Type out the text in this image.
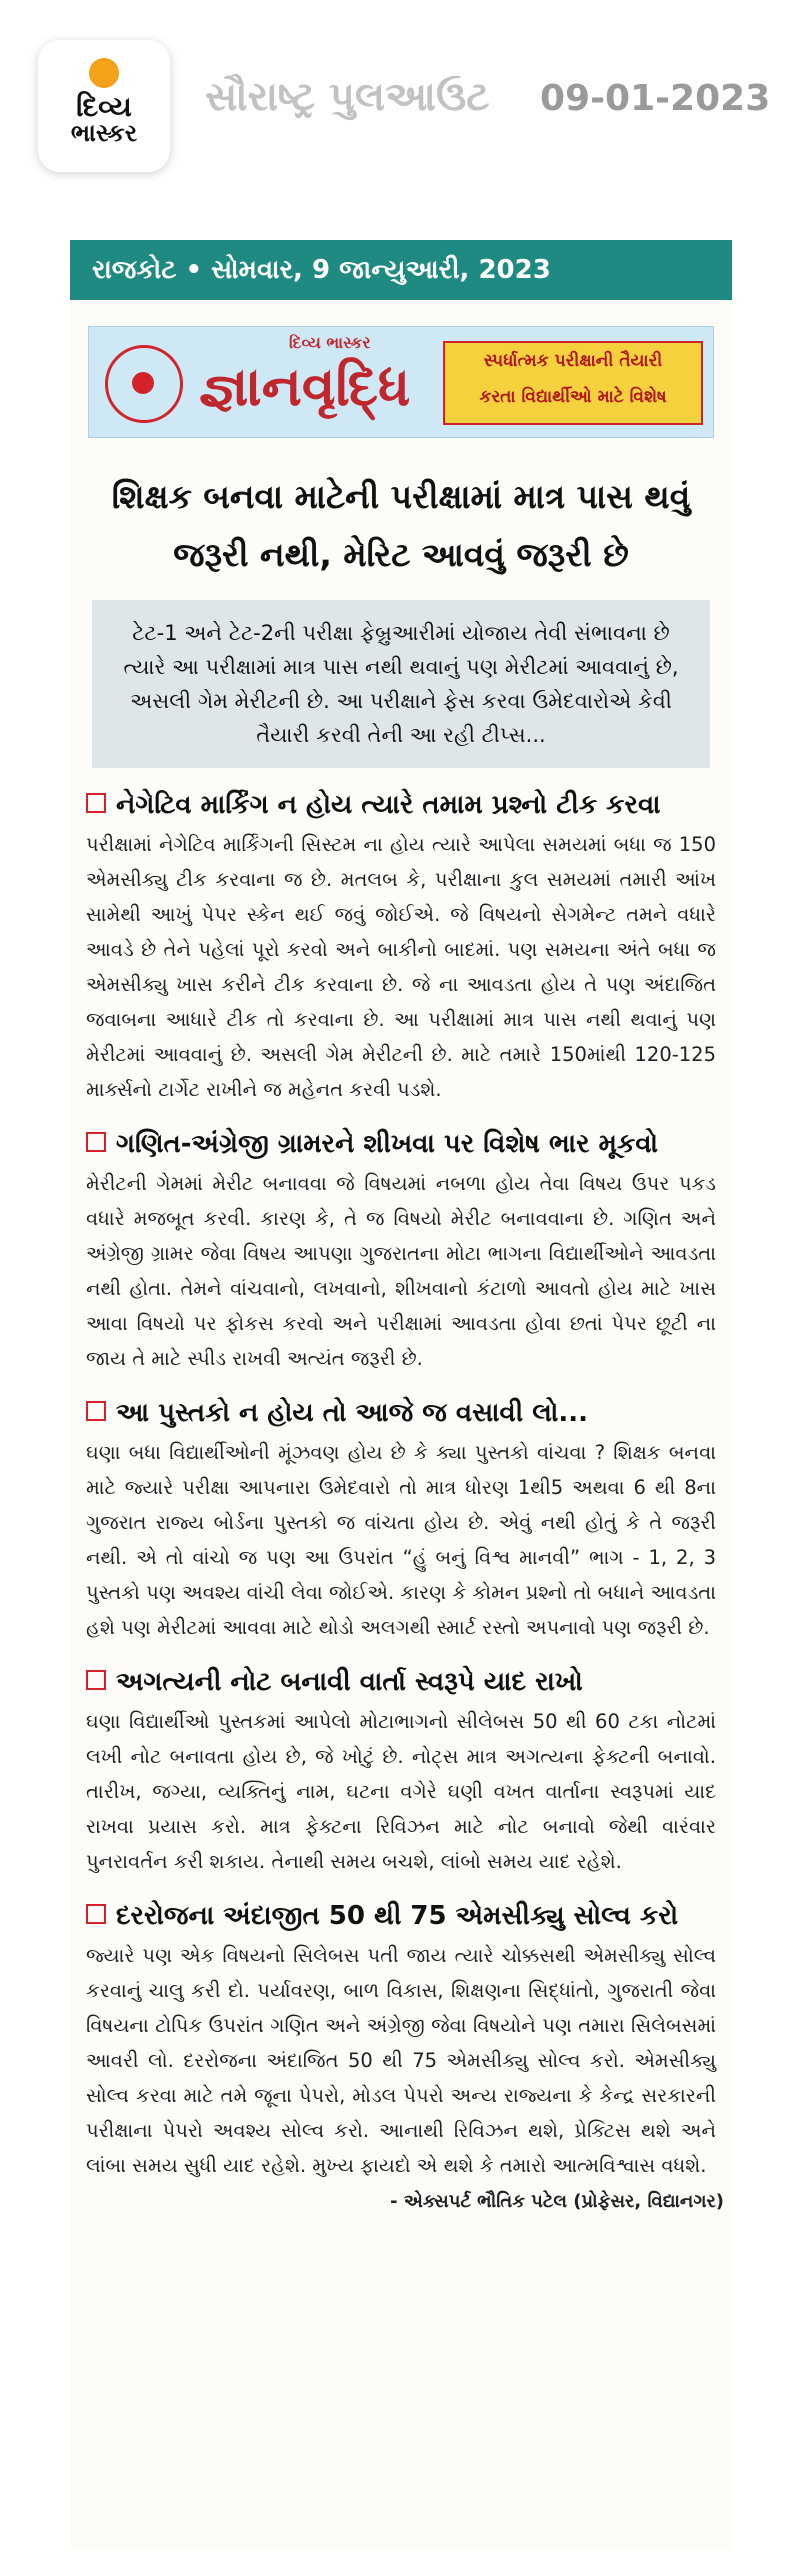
દિવ્ય
ભાસ્કર
સૌરાષ્ટ્ર પુલઆઉટ 09-01-2023
રાજકોટ • સોમવાર, 9 જાન્યુઆરી, 2023
દિવ્ય ભાસ્કર
જ્ઞાનવૃદ્ધિ	સ્પર્ધાત્મક પરીક્ષાની તૈયારી
કરતા વિદ્યાર્થીઓ માટે વિશેષ
શિક્ષક બનવા માટેની પરીક્ષામાં માત્ર પાસ થવું જરૂરી નથી, મેરિટ આવવું જરૂરી છે
ટેટ-1 અને ટેટ-2ની પરીક્ષા ફેબ્રુઆરીમાં યોજાય તેવી સંભાવના છે ત્યારે આ પરીક્ષામાં માત્ર પાસ નથી થવાનું પણ મેરીટમાં આવવાનું છે, અસલી ગેમ મેરીટની છે. આ પરીક્ષાને ફેસ કરવા ઉમેદવારોએ કેવી તૈયારી કરવી તેની આ રહી ટીપ્સ...
નેગેટિવ માર્કિંગ ન હોય ત્યારે તમામ પ્રશ્નો ટીક કરવા

પરીક્ષામાં નેગેટિવ માર્કિંગની સિસ્ટમ ના હોય ત્યારે આપેલા સમયમાં બધા જ 150 એમસીક્યુ ટીક કરવાના જ છે. મતલબ કે, પરીક્ષાના કુલ સમયમાં તમારી આંખ સામેથી આખું પેપર સ્કેન થઈ જવું જોઈએ. જે વિષયનો સેગમેન્ટ તમને વધારે આવડે છે તેને પહેલાં પૂરો કરવો અને બાકીનો બાદમાં. પણ સમયના અંતે બધા જ એમસીક્યુ ખાસ કરીને ટીક કરવાના છે. જે ના આવડતા હોય તે પણ અંદાજિત જવાબના આધારે ટીક તો કરવાના છે. આ પરીક્ષામાં માત્ર પાસ નથી થવાનું પણ મેરીટમાં આવવાનું છે. અસલી ગેમ મેરીટની છે. માટે તમારે 150માંથી 120-125 માર્ક્સનો ટાર્ગેટ રાખીને જ મહેનત કરવી પડશે.

ગણિત-અંગ્રેજી ગ્રામરને શીખવા પર વિશેષ ભાર મૂકવો

મેરીટની ગેમમાં મેરીટ બનાવવા જે વિષયમાં નબળા હોય તેવા વિષય ઉપર પકડ વધારે મજબૂત કરવી. કારણ કે, તે જ વિષયો મેરીટ બનાવવાના છે. ગણિત અને અંગ્રેજી ગ્રામર જેવા વિષય આપણા ગુજરાતના મોટા ભાગના વિદ્યાર્થીઓને આવડતા નથી હોતા. તેમને વાંચવાનો, લખવાનો, શીખવાનો કંટાળો આવતો હોય માટે ખાસ આવા વિષયો પર ફોકસ કરવો અને પરીક્ષામાં આવડતા હોવા છતાં પેપર છૂટી ના જાય તે માટે સ્પીડ રાખવી અત્યંત જરૂરી છે.

આ પુસ્તકો ન હોય તો આજે જ વસાવી લો...

ઘણા બધા વિદ્યાર્થીઓની મૂંઝવણ હોય છે કે ક્યા પુસ્તકો વાંચવા ? શિક્ષક બનવા માટે જ્યારે પરીક્ષા આપનારા ઉમેદવારો તો માત્ર ધોરણ 1થી5 અથવા 6 થી 8ના ગુજરાત રાજ્ય બોર્ડના પુસ્તકો જ વાંચતા હોય છે. એવું નથી હોતું કે તે જરૂરી નથી. એ તો વાંચો જ પણ આ ઉપરાંત “હું બનું વિશ્વ માનવી” ભાગ - 1, 2, 3 પુસ્તકો પણ અવશ્ય વાંચી લેવા જોઈએ. કારણ કે કોમન પ્રશ્નો તો બધાને આવડતા હશે પણ મેરીટમાં આવવા માટે થોડો અલગથી સ્માર્ટ રસ્તો અપનાવો પણ જરૂરી છે.

અગત્યની નોટ બનાવી વાર્તા સ્વરૂપે યાદ રાખો

ઘણા વિદ્યાર્થીઓ પુસ્તકમાં આપેલો મોટાભાગનો સીલેબસ 50 થી 60 ટકા નોટમાં લખી નોટ બનાવતા હોય છે, જે ખોટું છે. નોટ્સ માત્ર અગત્યના ફેક્ટની બનાવો. તારીખ, જગ્યા, વ્યક્તિનું નામ, ઘટના વગેરે ઘણી વખત વાર્તાના સ્વરૂપમાં યાદ રાખવા પ્રયાસ કરો. માત્ર ફેક્ટના રિવિઝન માટે નોટ બનાવો જેથી વારંવાર પુનરાવર્તન કરી શકાય. તેનાથી સમય બચશે, લાંબો સમય યાદ રહેશે.

દરરોજના અંદાજીત 50 થી 75 એમસીક્યુ સોલ્વ કરો

જ્યારે પણ એક વિષયનો સિલેબસ પતી જાય ત્યારે ચોક્કસથી એમસીક્યુ સોલ્વ કરવાનું ચાલુ કરી દો. પર્યાવરણ, બાળ વિકાસ, શિક્ષણના સિદ્ધાંતો, ગુજરાતી જેવા વિષયના ટોપિક ઉપરાંત ગણિત અને અંગ્રેજી જેવા વિષયોને પણ તમારા સિલેબસમાં આવરી લો. દરરોજના અંદાજિત 50 થી 75 એમસીક્યુ સોલ્વ કરો. એમસીક્યુ સોલ્વ કરવા માટે તમે જૂના પેપરો, મોડલ પેપરો અન્ય રાજ્યના કે કેન્દ્ર સરકારની પરીક્ષાના પેપરો અવશ્ય સોલ્વ કરો. આનાથી રિવિઝન થશે, પ્રેક્ટિસ થશે અને લાંબા સમય સુધી યાદ રહેશે. મુખ્ય ફાયદો એ થશે કે તમારો આત્મવિશ્વાસ વધશે.

- એક્સપર્ટ ભૌતિક પટેલ (પ્રોફેસર, વિદ્યાનગર)
